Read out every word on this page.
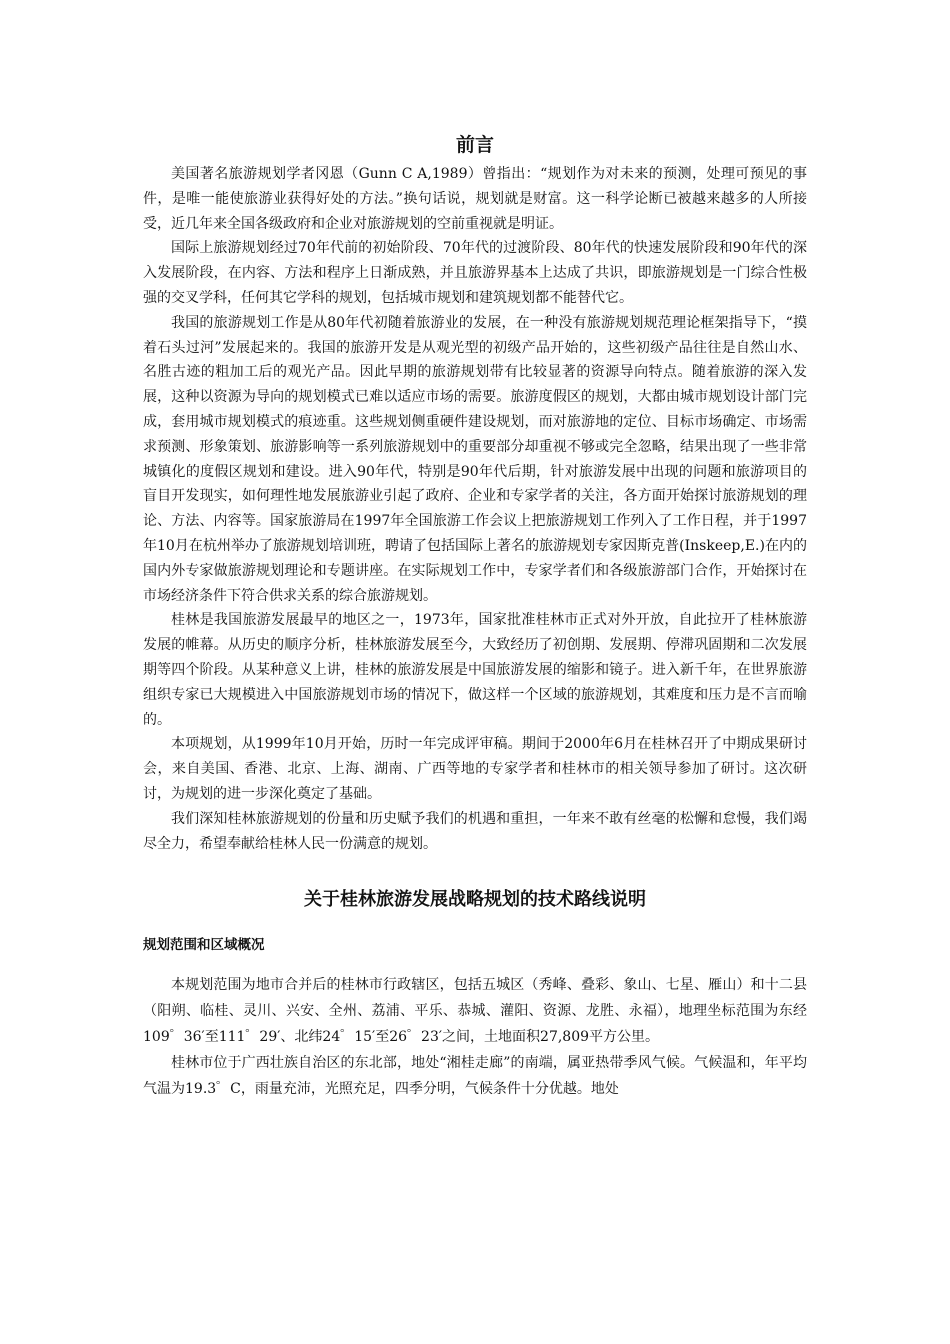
前言

美国著名旅游规划学者冈恩（Gunn C A,1989）曾指出：“规划作为对未来的预测，处理可预见的事件，是唯一能使旅游业获得好处的方法。”换句话说，规划就是财富。这一科学论断已被越来越多的人所接受，近几年来全国各级政府和企业对旅游规划的空前重视就是明证。

国际上旅游规划经过70年代前的初始阶段、70年代的过渡阶段、80年代的快速发展阶段和90年代的深入发展阶段，在内容、方法和程序上日渐成熟，并且旅游界基本上达成了共识，即旅游规划是一门综合性极强的交叉学科，任何其它学科的规划，包括城市规划和建筑规划都不能替代它。

我国的旅游规划工作是从80年代初随着旅游业的发展，在一种没有旅游规划规范理论框架指导下，“摸着石头过河”发展起来的。我国的旅游开发是从观光型的初级产品开始的，这些初级产品往往是自然山水、名胜古迹的粗加工后的观光产品。因此早期的旅游规划带有比较显著的资源导向特点。随着旅游的深入发展，这种以资源为导向的规划模式已难以适应市场的需要。旅游度假区的规划，大都由城市规划设计部门完成，套用城市规划模式的痕迹重。这些规划侧重硬件建设规划，而对旅游地的定位、目标市场确定、市场需求预测、形象策划、旅游影响等一系列旅游规划中的重要部分却重视不够或完全忽略，结果出现了一些非常城镇化的度假区规划和建设。进入90年代，特别是90年代后期，针对旅游发展中出现的问题和旅游项目的盲目开发现实，如何理性地发展旅游业引起了政府、企业和专家学者的关注，各方面开始探讨旅游规划的理论、方法、内容等。国家旅游局在1997年全国旅游工作会议上把旅游规划工作列入了工作日程，并于1997年10月在杭州举办了旅游规划培训班，聘请了包括国际上著名的旅游规划专家因斯克普(Inskeep,E.)在内的国内外专家做旅游规划理论和专题讲座。在实际规划工作中，专家学者们和各级旅游部门合作，开始探讨在市场经济条件下符合供求关系的综合旅游规划。

桂林是我国旅游发展最早的地区之一，1973年，国家批准桂林市正式对外开放，自此拉开了桂林旅游发展的帷幕。从历史的顺序分析，桂林旅游发展至今，大致经历了初创期、发展期、停滞巩固期和二次发展期等四个阶段。从某种意义上讲，桂林的旅游发展是中国旅游发展的缩影和镜子。进入新千年，在世界旅游组织专家已大规模进入中国旅游规划市场的情况下，做这样一个区域的旅游规划，其难度和压力是不言而喻的。

本项规划，从1999年10月开始，历时一年完成评审稿。期间于2000年6月在桂林召开了中期成果研讨会，来自美国、香港、北京、上海、湖南、广西等地的专家学者和桂林市的相关领导参加了研讨。这次研讨，为规划的进一步深化奠定了基础。

我们深知桂林旅游规划的份量和历史赋予我们的机遇和重担，一年来不敢有丝毫的松懈和怠慢，我们竭尽全力，希望奉献给桂林人民一份满意的规划。

关于桂林旅游发展战略规划的技术路线说明
规划范围和区域概况

本规划范围为地市合并后的桂林市行政辖区，包括五城区（秀峰、叠彩、象山、七星、雁山）和十二县（阳朔、临桂、灵川、兴安、全州、荔浦、平乐、恭城、灌阳、资源、龙胜、永福），地理坐标范围为东经109゜36′至111゜29′、北纬24゜15′至26゜23′之间，土地面积27,809平方公里。

桂林市位于广西壮族自治区的东北部，地处“湘桂走廊”的南端，属亚热带季风气候。气候温和，年平均气温为19.3゜C，雨量充沛，光照充足，四季分明，气候条件十分优越。地处
